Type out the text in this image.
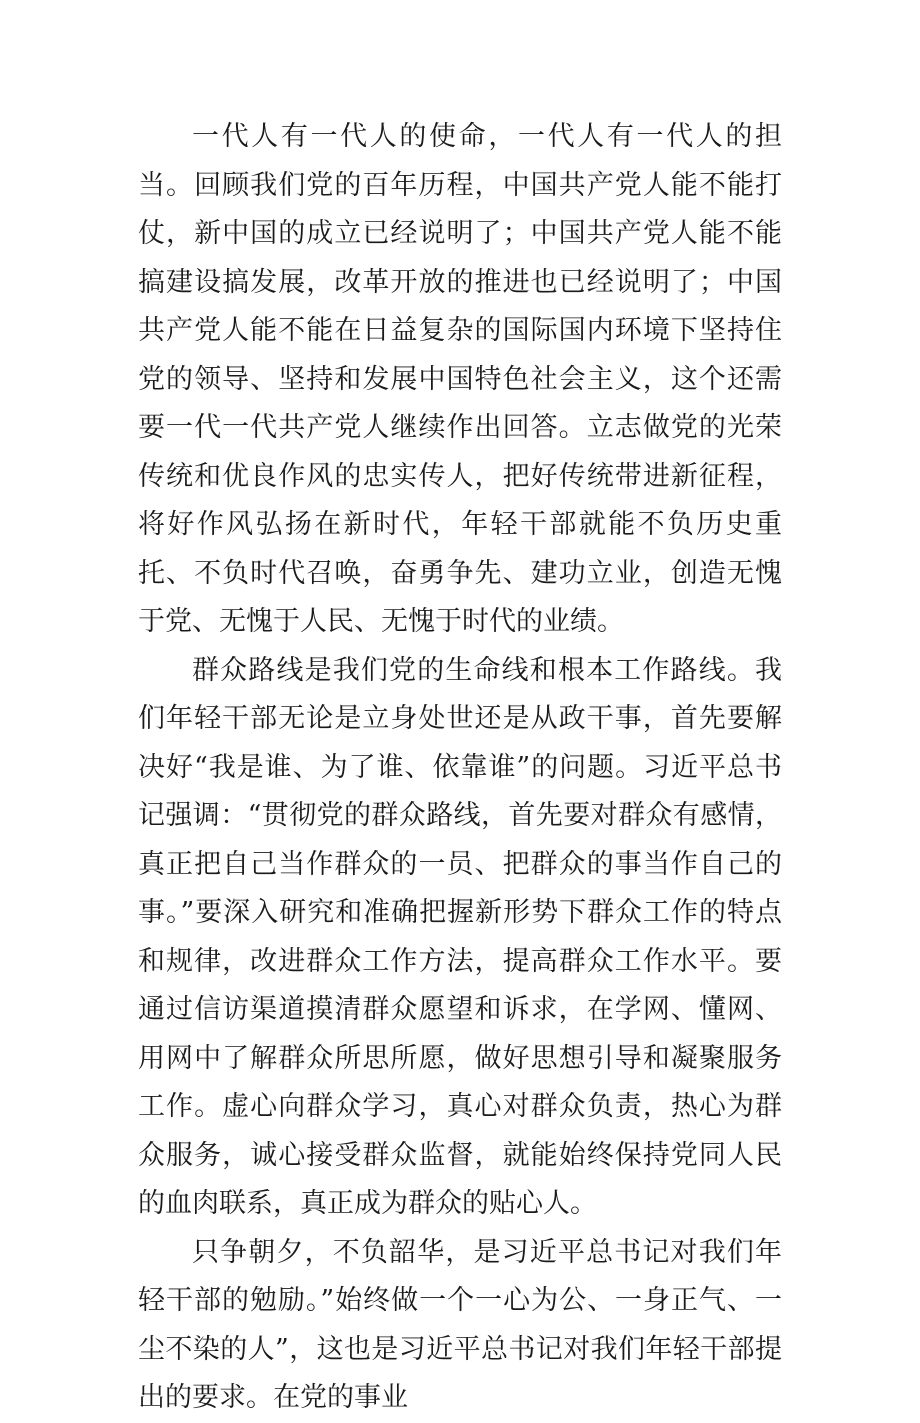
一代人有一代人的使命，一代人有一代人的担当。回顾我们党的百年历程，中国共产党人能不能打仗，新中国的成立已经说明了；中国共产党人能不能搞建设搞发展，改革开放的推进也已经说明了；中国共产党人能不能在日益复杂的国际国内环境下坚持住党的领导、坚持和发展中国特色社会主义，这个还需要一代一代共产党人继续作出回答。立志做党的光荣传统和优良作风的忠实传人，把好传统带进新征程，将好作风弘扬在新时代，年轻干部就能不负历史重托、不负时代召唤，奋勇争先、建功立业，创造无愧于党、无愧于人民、无愧于时代的业绩。

群众路线是我们党的生命线和根本工作路线。我们年轻干部无论是立身处世还是从政干事，首先要解决好“我是谁、为了谁、依靠谁”的问题。习近平总书记强调：“贯彻党的群众路线，首先要对群众有感情，真正把自己当作群众的一员、把群众的事当作自己的事。”要深入研究和准确把握新形势下群众工作的特点和规律，改进群众工作方法，提高群众工作水平。要通过信访渠道摸清群众愿望和诉求，在学网、懂网、用网中了解群众所思所愿，做好思想引导和凝聚服务工作。虚心向群众学习，真心对群众负责，热心为群众服务，诚心接受群众监督，就能始终保持党同人民的血肉联系，真正成为群众的贴心人。

只争朝夕，不负韶华，是习近平总书记对我们年轻干部的勉励。”始终做一个一心为公、一身正气、一尘不染的人”，这也是习近平总书记对我们年轻干部提出的要求。在党的事业
